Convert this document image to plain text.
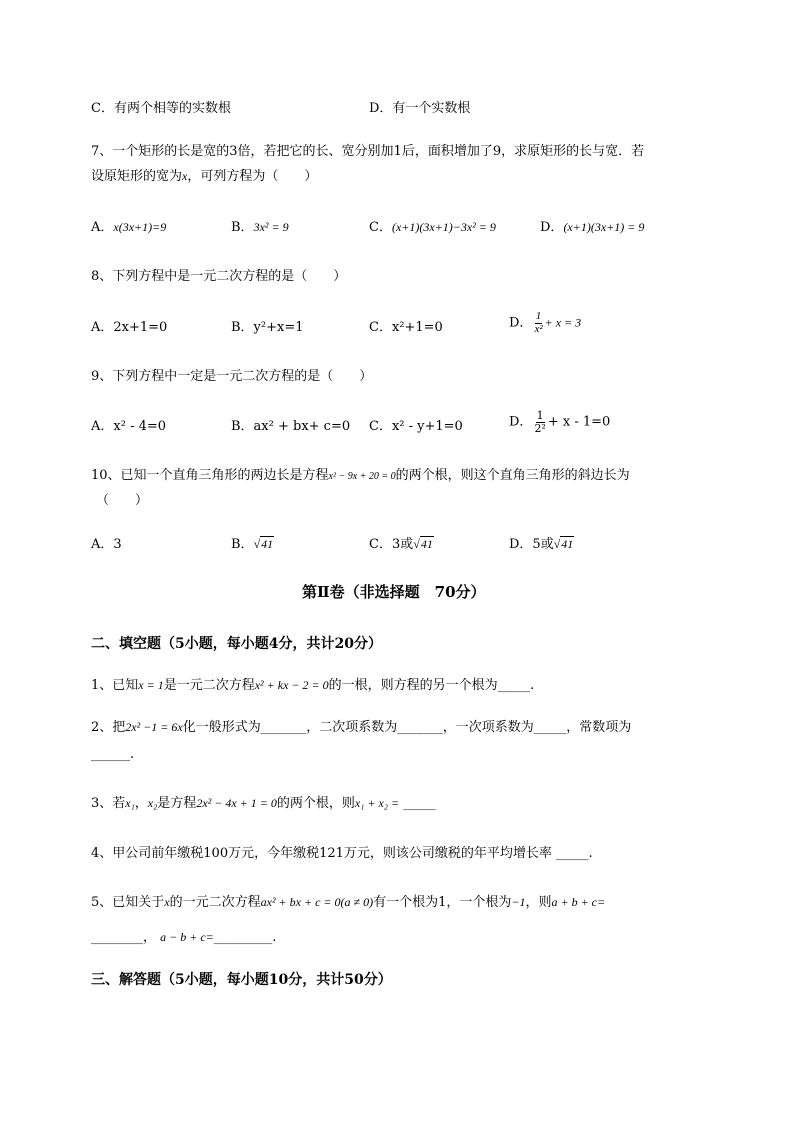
C．有两个相等的实数根	D．有一个实数根
7、一个矩形的长是宽的3倍，若把它的长、宽分别加1后，面积增加了9，求原矩形的长与宽．若
设原矩形的宽为x，可列方程为（　　）
A．x(3x+1)=9	B．3x² = 9	C．(x+1)(3x+1)−3x² = 9	D．(x+1)(3x+1) = 9
8、下列方程中是一元二次方程的是（　　）
A．2x+1=0	B．y²+x=1	C．x²+1=0	D． $\frac{1}{\text{x²}} + x = 3$
9、下列方程中一定是一元二次方程的是（　　）
A．x² - 4=0	B．ax² + bx+ c=0 C．x² - y+1=0	D． $\frac{1}{\text{2²}} + x - 1=0$
10、已知一个直角三角形的两边长是方程x² − 9x + 20 = 0的两个根，则这个直角三角形的斜边长为
（　　）
A．3	B．√41	C．3或√41	D．5或√41
第Ⅱ卷（非选择题　70分）
二、填空题（5小题，每小题4分，共计20分）
1、已知x = 1是一元二次方程x² + kx − 2 = 0的一根，则方程的另一个根为_____.
2、把2x² −1 = 6x化一般形式为_______，二次项系数为_______，一次项系数为_____，常数项为
______.
3、若x₁，x₂是方程2x² − 4x + 1 = 0的两个根，则x₁ + x₂ = _____
4、甲公司前年缴税100万元，今年缴税121万元，则该公司缴税的年平均增长率 _____.
5、已知关于x的一元二次方程ax² + bx + c = 0(a ≠ 0)有一个根为1，一个根为−1，则a + b + c=
________， a − b + c=_________.
三、解答题（5小题，每小题10分，共计50分）
